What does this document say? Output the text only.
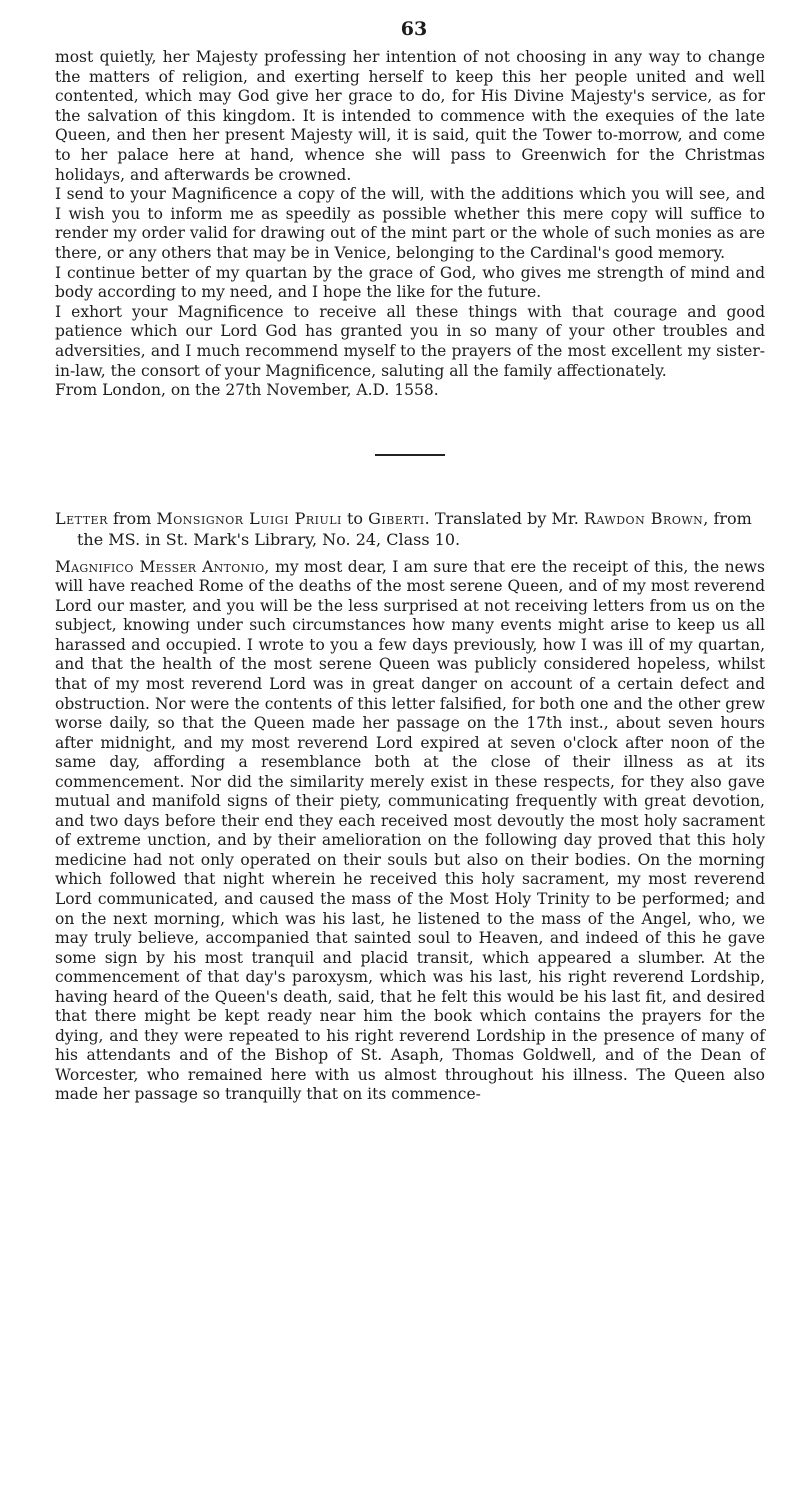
63

most quietly, her Majesty professing her intention of not choosing in any way to change the matters of religion, and exerting herself to keep this her people united and well contented, which may God give her grace to do, for His Divine Majesty's service, as for the salvation of this kingdom. It is intended to commence with the exequies of the late Queen, and then her present Majesty will, it is said, quit the Tower to-morrow, and come to her palace here at hand, whence she will pass to Greenwich for the Christmas holidays, and afterwards be crowned.

I send to your Magnificence a copy of the will, with the additions which you will see, and I wish you to inform me as speedily as possible whether this mere copy will suffice to render my order valid for drawing out of the mint part or the whole of such monies as are there, or any others that may be in Venice, belonging to the Cardinal's good memory.

I continue better of my quartan by the grace of God, who gives me strength of mind and body according to my need, and I hope the like for the future.

I exhort your Magnificence to receive all these things with that courage and good patience which our Lord God has granted you in so many of your other troubles and adversities, and I much recommend myself to the prayers of the most excellent my sister-in-law, the consort of your Magnificence, saluting all the family affectionately.

From London, on the 27th November, A.D. 1558.

Letter from Monsignor Luigi Priuli to Giberti. Translated by Mr. Rawdon Brown, from the MS. in St. Mark's Library, No. 24, Class 10.

Magnifico Messer Antonio, my most dear, I am sure that ere the receipt of this, the news will have reached Rome of the deaths of the most serene Queen, and of my most reverend Lord our master, and you will be the less surprised at not receiving letters from us on the subject, knowing under such circumstances how many events might arise to keep us all harassed and occupied. I wrote to you a few days previously, how I was ill of my quartan, and that the health of the most serene Queen was publicly considered hopeless, whilst that of my most reverend Lord was in great danger on account of a certain defect and obstruction. Nor were the contents of this letter falsified, for both one and the other grew worse daily, so that the Queen made her passage on the 17th inst., about seven hours after midnight, and my most reverend Lord expired at seven o'clock after noon of the same day, affording a resemblance both at the close of their illness as at its commencement. Nor did the similarity merely exist in these respects, for they also gave mutual and manifold signs of their piety, communicating frequently with great devotion, and two days before their end they each received most devoutly the most holy sacrament of extreme unction, and by their amelioration on the following day proved that this holy medicine had not only operated on their souls but also on their bodies. On the morning which followed that night wherein he received this holy sacrament, my most reverend Lord communicated, and caused the mass of the Most Holy Trinity to be performed; and on the next morning, which was his last, he listened to the mass of the Angel, who, we may truly believe, accompanied that sainted soul to Heaven, and indeed of this he gave some sign by his most tranquil and placid transit, which appeared a slumber. At the commencement of that day's paroxysm, which was his last, his right reverend Lordship, having heard of the Queen's death, said, that he felt this would be his last fit, and desired that there might be kept ready near him the book which contains the prayers for the dying, and they were repeated to his right reverend Lordship in the presence of many of his attendants and of the Bishop of St. Asaph, Thomas Goldwell, and of the Dean of Worcester, who remained here with us almost throughout his illness. The Queen also made her passage so tranquilly that on its commence-
